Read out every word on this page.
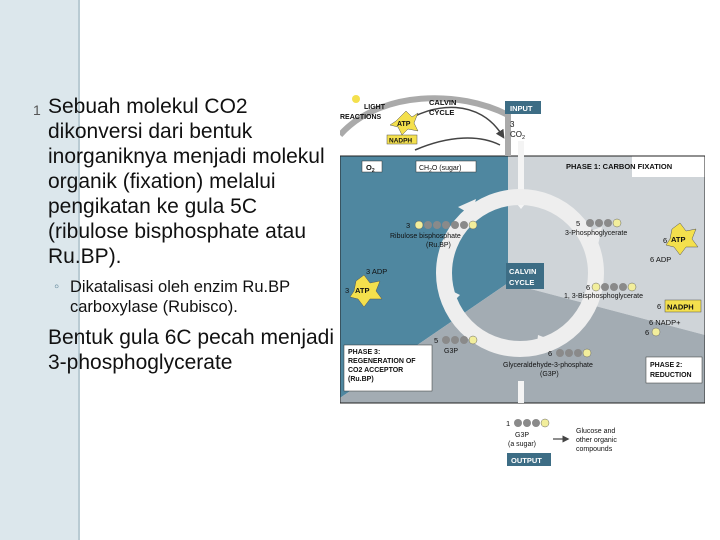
1 Sebuah molekul CO2 dikonversi dari bentuk inorganiknya menjadi molekul organik (fixation) melalui pengikatan ke gula 5C (ribulose bisphosphate atau Ru.BP).
◦ Dikatalisasi oleh enzim Ru.BP carboxylase (Rubisco).
Bentuk gula 6C pecah menjadi 3-phosphoglycerate
LIGHT
REACTIONS
CALVIN
CYCLE
ATP
NADPH
$O_2$	$CH_2O$ (sugar)
INPUT
3
$CO_2$
PHASE 1: CARBON FIXATION
Rubisco
CALVIN
CYCLE
3
Ribulose bisphosphate
(Ru.BP)
5
3-Phosphoglycerate
6 ATP
6 ADP
3 ADP
3 ATP	6
1, 3-Bisphosphoglycerate
6 NADPH
6 NADP+
6
PHASE 3:
REGENERATION OF
CO2 ACCEPTOR
(Ru.BP)
5
G3P	6
Glyceraldehyde-3-phosphate
(G3P)
PHASE 2:
REDUCTION
1
G3P
(a sugar)
OUTPUT
Glucose and
other organic
compounds
